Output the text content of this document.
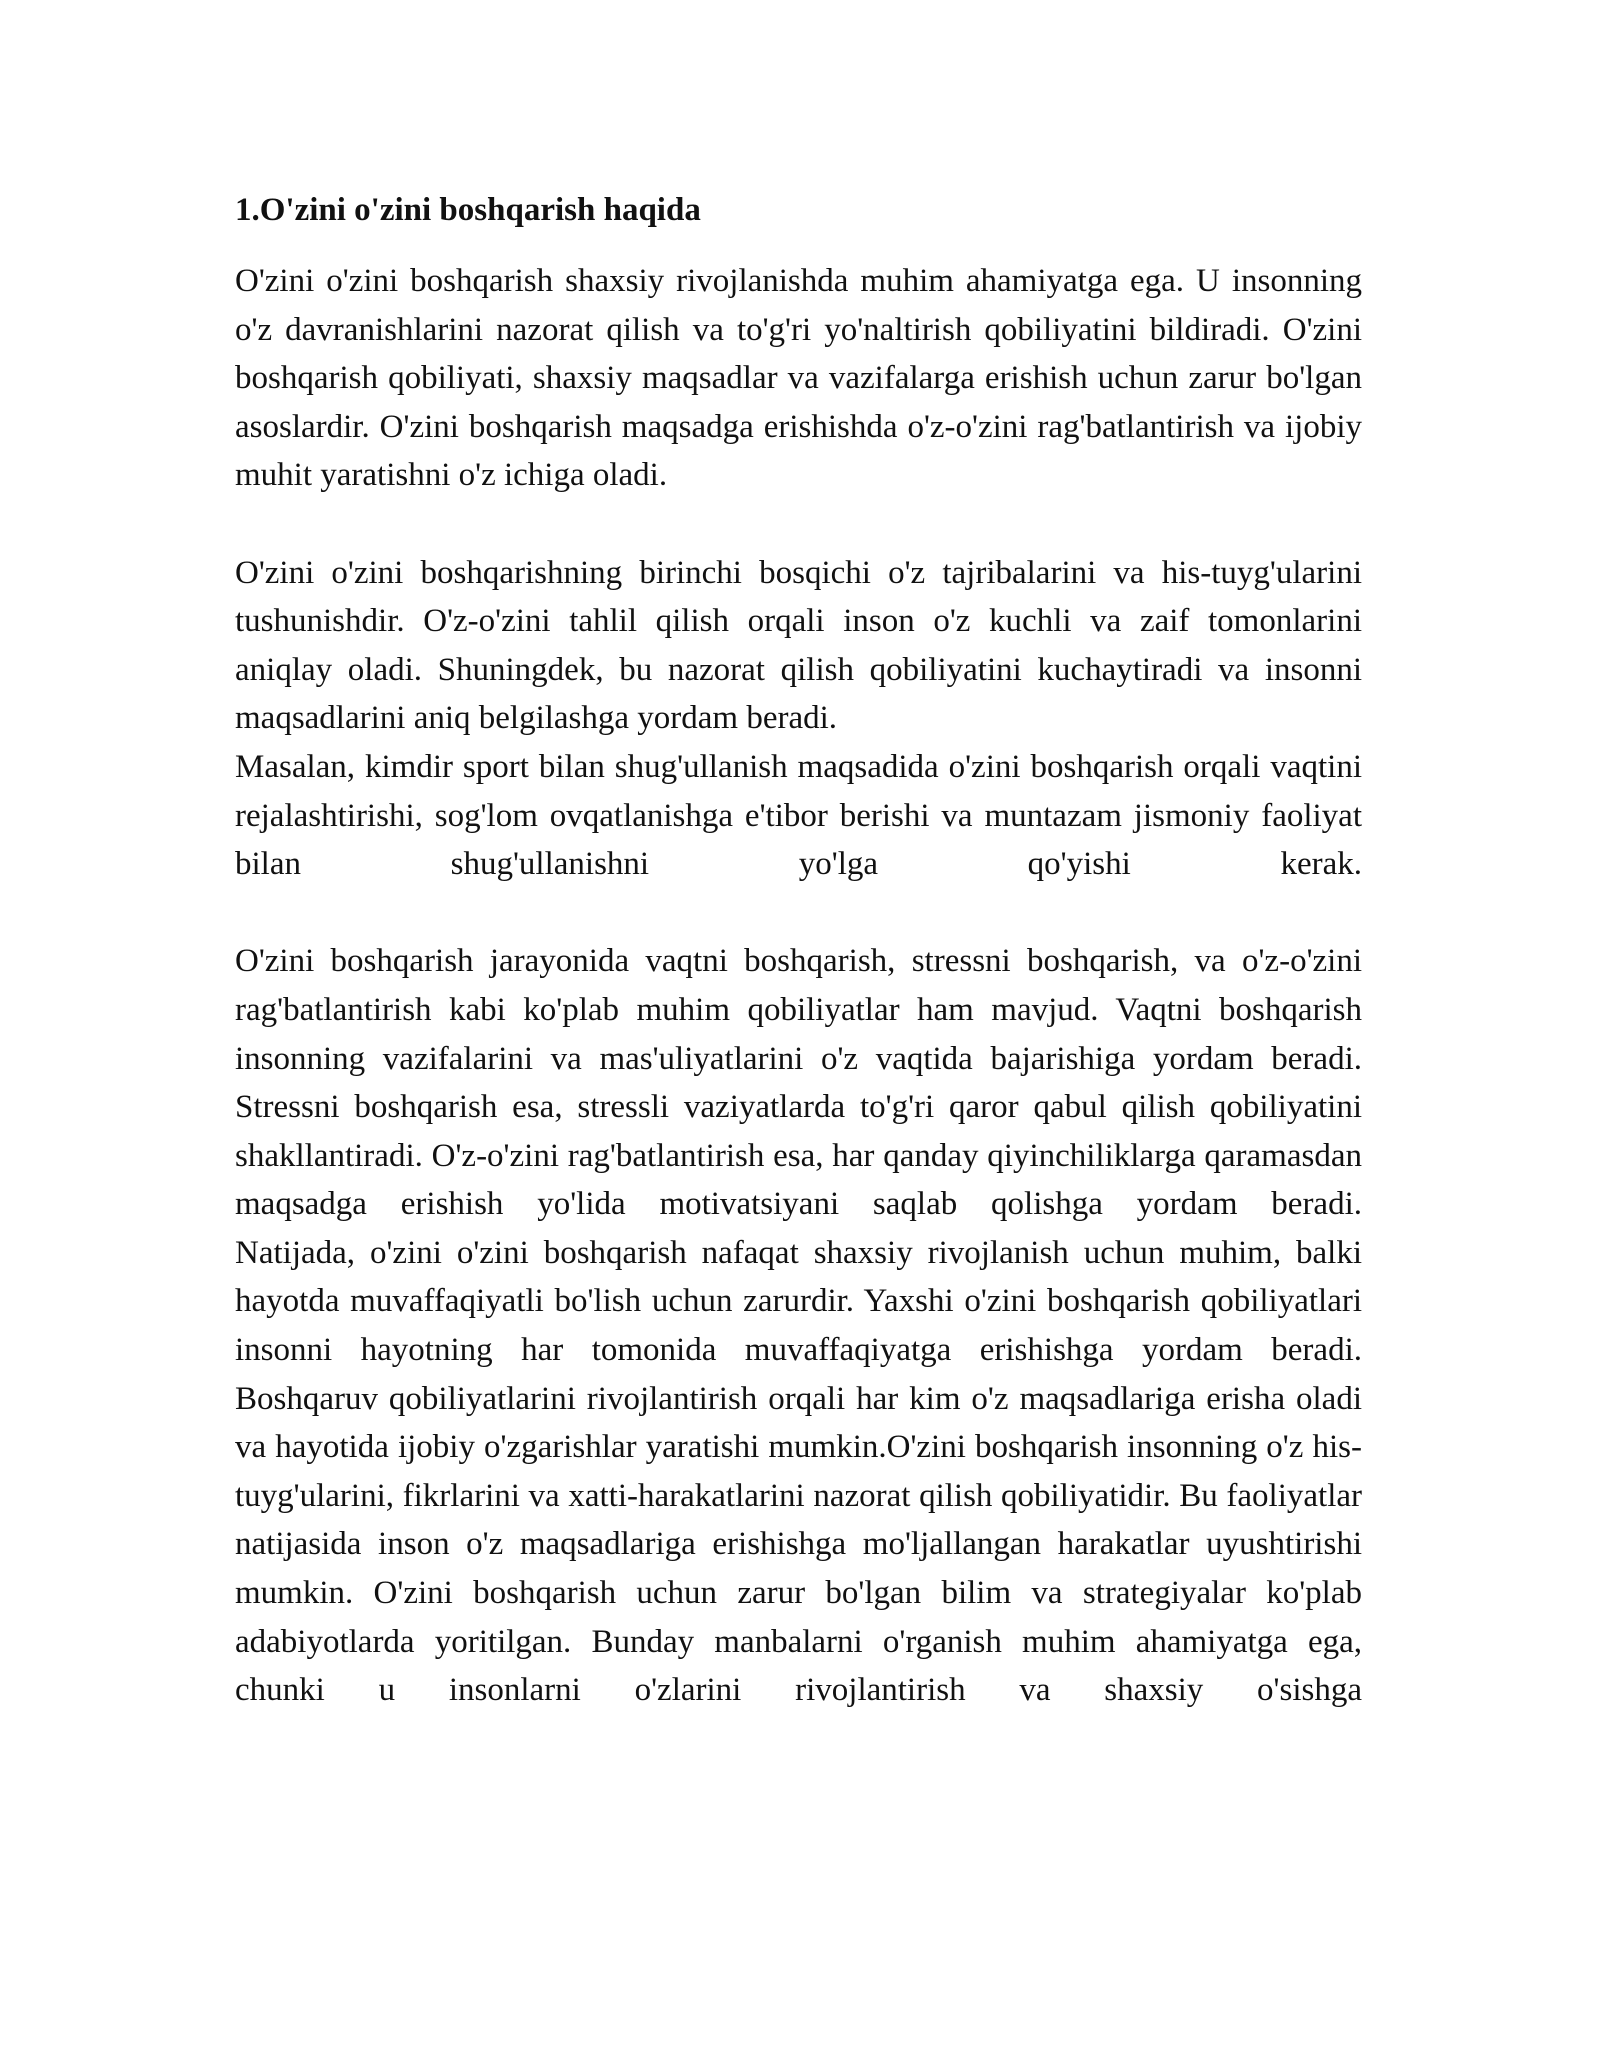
1.O'zini o'zini boshqarish haqida

O'zini o'zini boshqarish shaxsiy rivojlanishda muhim ahamiyatga ega. U insonning o'z davranishlarini nazorat qilish va to'g'ri yo'naltirish qobiliyatini bildiradi. O'zini boshqarish qobiliyati, shaxsiy maqsadlar va vazifalarga erishish uchun zarur bo'lgan asoslardir. O'zini boshqarish maqsadga erishishda o'z-o'zini rag'batlantirish va ijobiy muhit yaratishni o'z ichiga oladi.

O'zini o'zini boshqarishning birinchi bosqichi o'z tajribalarini va his-tuyg'ularini tushunishdir. O'z-o'zini tahlil qilish orqali inson o'z kuchli va zaif tomonlarini aniqlay oladi. Shuningdek, bu nazorat qilish qobiliyatini kuchaytiradi va insonni maqsadlarini aniq belgilashga yordam beradi.

Masalan, kimdir sport bilan shug'ullanish maqsadida o'zini boshqarish orqali vaqtini rejalashtirishi, sog'lom ovqatlanishga e'tibor berishi va muntazam jismoniy faoliyat bilan shug'ullanishni yo'lga qo'yishi kerak.

O'zini boshqarish jarayonida vaqtni boshqarish, stressni boshqarish, va o'z-o'zini rag'batlantirish kabi ko'plab muhim qobiliyatlar ham mavjud. Vaqtni boshqarish insonning vazifalarini va mas'uliyatlarini o'z vaqtida bajarishiga yordam beradi. Stressni boshqarish esa, stressli vaziyatlarda to'g'ri qaror qabul qilish qobiliyatini shakllantiradi. O'z-o'zini rag'batlantirish esa, har qanday qiyinchiliklarga qaramasdan maqsadga erishish yo'lida motivatsiyani saqlab qolishga yordam beradi.

Natijada, o'zini o'zini boshqarish nafaqat shaxsiy rivojlanish uchun muhim, balki hayotda muvaffaqiyatli bo'lish uchun zarurdir. Yaxshi o'zini boshqarish qobiliyatlari insonni hayotning har tomonida muvaffaqiyatga erishishga yordam beradi. Boshqaruv qobiliyatlarini rivojlantirish orqali har kim o'z maqsadlariga erisha oladi va hayotida ijobiy o'zgarishlar yaratishi mumkin.O'zini boshqarish insonning o'z his-tuyg'ularini, fikrlarini va xatti-harakatlarini nazorat qilish qobiliyatidir. Bu faoliyatlar natijasida inson o'z maqsadlariga erishishga mo'ljallangan harakatlar uyushtirishi mumkin. O'zini boshqarish uchun zarur bo'lgan bilim va strategiyalar ko'plab adabiyotlarda yoritilgan. Bunday manbalarni o'rganish muhim ahamiyatga ega, chunki u insonlarni o'zlarini rivojlantirish va shaxsiy o'sishga
